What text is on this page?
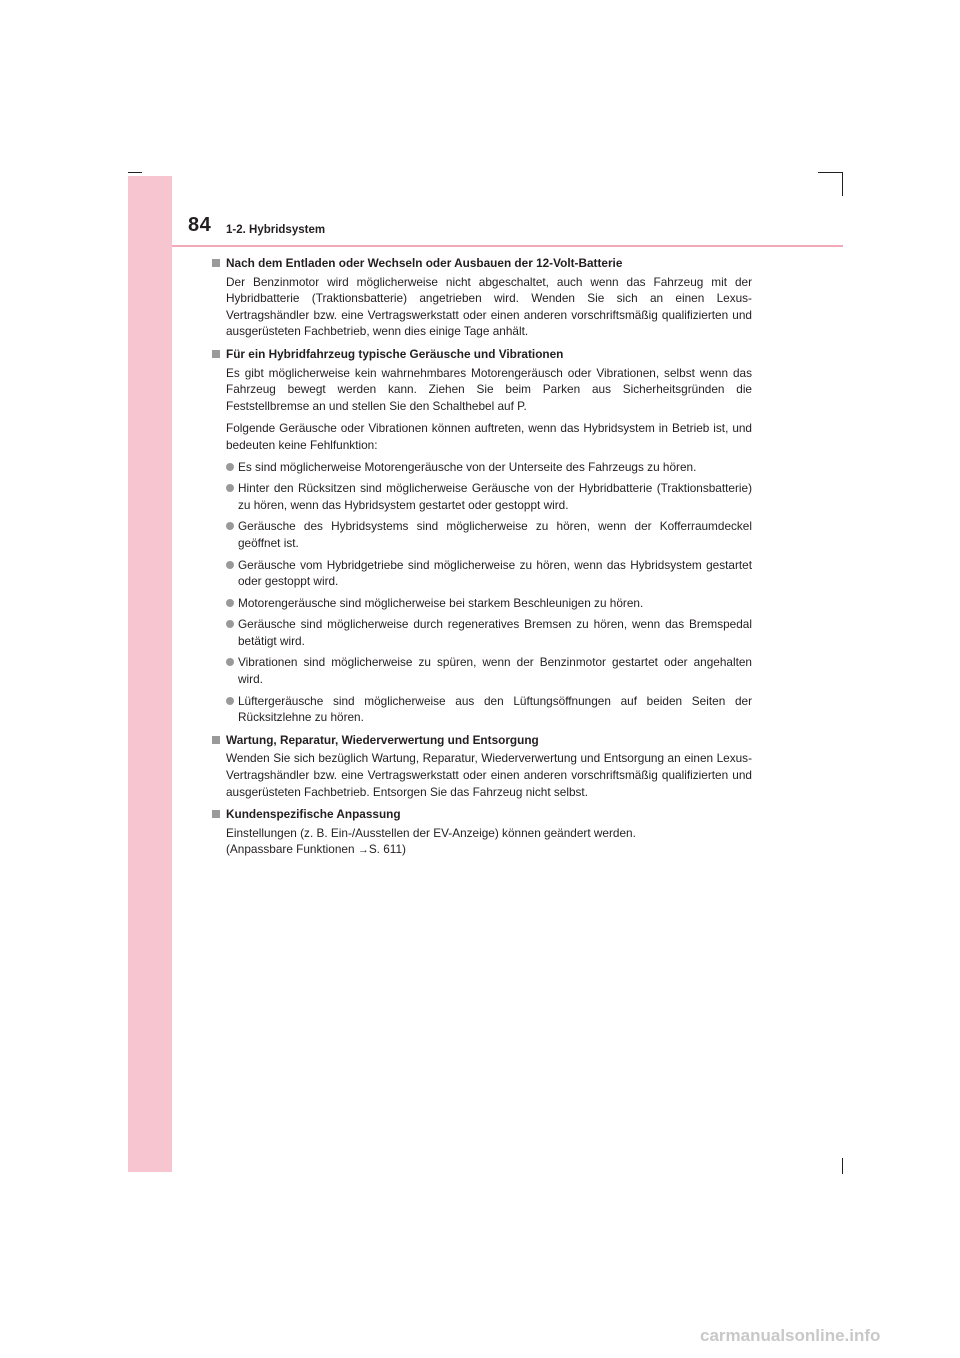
84 1-2. Hybridsystem
Nach dem Entladen oder Wechseln oder Ausbauen der 12-Volt-Batterie
Der Benzinmotor wird möglicherweise nicht abgeschaltet, auch wenn das Fahrzeug mit der Hybridbatterie (Traktionsbatterie) angetrieben wird. Wenden Sie sich an einen Lexus-Vertragshändler bzw. eine Vertragswerkstatt oder einen anderen vorschriftsmäßig qualifizierten und ausgerüsteten Fachbetrieb, wenn dies einige Tage anhält.
Für ein Hybridfahrzeug typische Geräusche und Vibrationen
Es gibt möglicherweise kein wahrnehmbares Motorengeräusch oder Vibrationen, selbst wenn das Fahrzeug bewegt werden kann. Ziehen Sie beim Parken aus Sicherheitsgründen die Feststellbremse an und stellen Sie den Schalthebel auf P.
Folgende Geräusche oder Vibrationen können auftreten, wenn das Hybridsystem in Betrieb ist, und bedeuten keine Fehlfunktion:
Es sind möglicherweise Motorengeräusche von der Unterseite des Fahrzeugs zu hören.
Hinter den Rücksitzen sind möglicherweise Geräusche von der Hybridbatterie (Traktionsbatterie) zu hören, wenn das Hybridsystem gestartet oder gestoppt wird.
Geräusche des Hybridsystems sind möglicherweise zu hören, wenn der Kofferraumdeckel geöffnet ist.
Geräusche vom Hybridgetriebe sind möglicherweise zu hören, wenn das Hybridsystem gestartet oder gestoppt wird.
Motorengeräusche sind möglicherweise bei starkem Beschleunigen zu hören.
Geräusche sind möglicherweise durch regeneratives Bremsen zu hören, wenn das Bremspedal betätigt wird.
Vibrationen sind möglicherweise zu spüren, wenn der Benzinmotor gestartet oder angehalten wird.
Lüftergeräusche sind möglicherweise aus den Lüftungsöffnungen auf beiden Seiten der Rücksitzlehne zu hören.
Wartung, Reparatur, Wiederverwertung und Entsorgung
Wenden Sie sich bezüglich Wartung, Reparatur, Wiederverwertung und Entsorgung an einen Lexus-Vertragshändler bzw. eine Vertragswerkstatt oder einen anderen vorschriftsmäßig qualifizierten und ausgerüsteten Fachbetrieb. Entsorgen Sie das Fahrzeug nicht selbst.
Kundenspezifische Anpassung
Einstellungen (z. B. Ein-/Ausstellen der EV-Anzeige) können geändert werden.
(Anpassbare Funktionen →S. 611)
carmanualsonline.info
